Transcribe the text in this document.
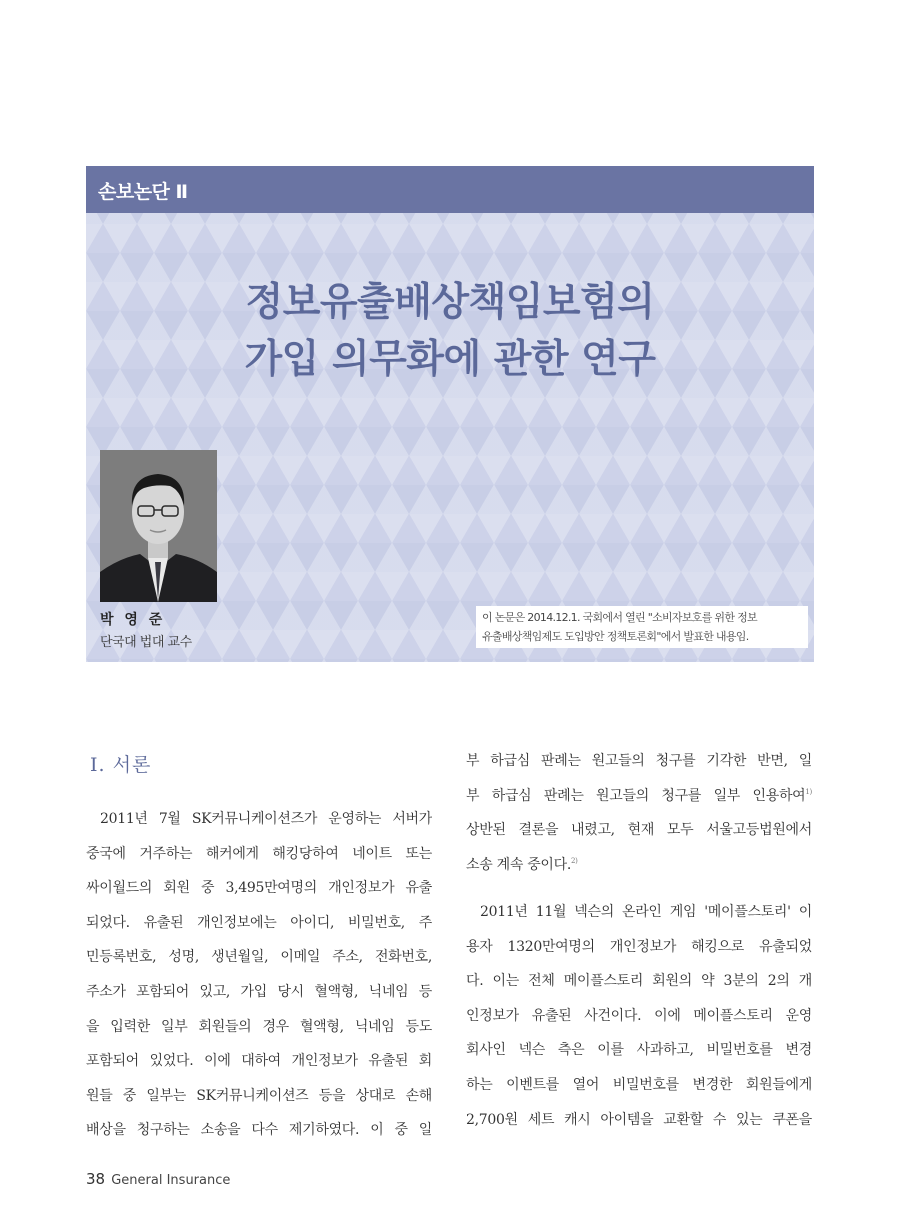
손보논단 Ⅱ
정보유출배상책임보험의
가입 의무화에 관한 연구
박 영 준
단국대 법대 교수
이 논문은 2014.12.1. 국회에서 열린 "소비자보호를 위한 정보
유출배상책임제도 도입방안 정책토론회"에서 발표한 내용임.
Ⅰ. 서론
2011년 7월 SK커뮤니케이션즈가 운영하는 서버가
중국에 거주하는 해커에게 해킹당하여 네이트 또는
싸이월드의 회원 중 3,495만여명의 개인정보가 유출
되었다. 유출된 개인정보에는 아이디, 비밀번호, 주
민등록번호, 성명, 생년월일, 이메일 주소, 전화번호,
주소가 포함되어 있고, 가입 당시 혈액형, 닉네임 등
을 입력한 일부 회원들의 경우 혈액형, 닉네임 등도
포함되어 있었다. 이에 대하여 개인정보가 유출된 회
원들 중 일부는 SK커뮤니케이션즈 등을 상대로 손해
배상을 청구하는 소송을 다수 제기하였다. 이 중 일
부 하급심 판례는 원고들의 청구를 기각한 반면, 일
부 하급심 판례는 원고들의 청구를 일부 인용하여$^{1)}$
상반된 결론을 내렸고, 현재 모두 서울고등법원에서
소송 계속 중이다.$^{2)}$
2011년 11월 넥슨의 온라인 게임 '메이플스토리' 이
용자 1320만여명의 개인정보가 해킹으로 유출되었
다. 이는 전체 메이플스토리 회원의 약 3분의 2의 개
인정보가 유출된 사건이다. 이에 메이플스토리 운영
회사인 넥슨 측은 이를 사과하고, 비밀번호를 변경
하는 이벤트를 열어 비밀번호를 변경한 회원들에게
2,700원 세트 캐시 아이템을 교환할 수 있는 쿠폰을
38 General Insurance
